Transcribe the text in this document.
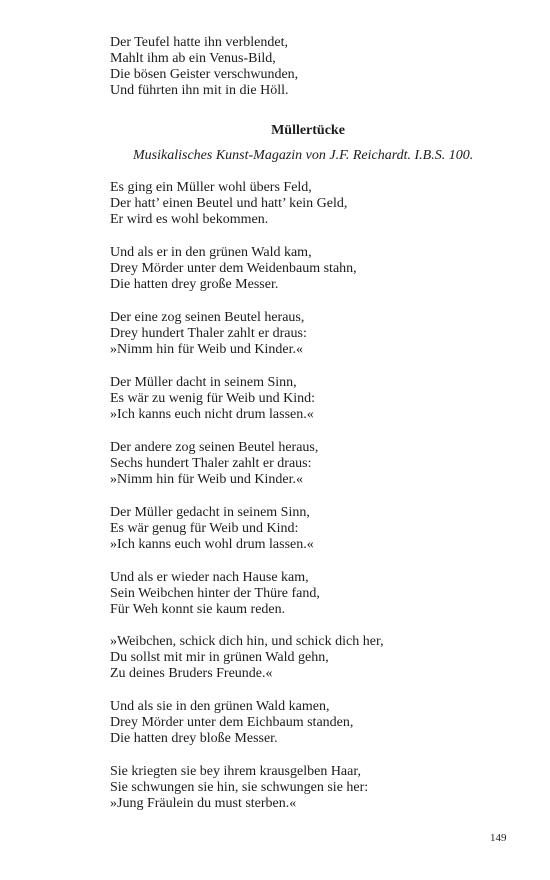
Der Teufel hatte ihn verblendet,
Mahlt ihm ab ein Venus-Bild,
Die bösen Geister verschwunden,
Und führten ihn mit in die Höll.
Müllertücke
Musikalisches Kunst-Magazin von J.F. Reichardt. I.B.S. 100.
Es ging ein Müller wohl übers Feld,
Der hatt’ einen Beutel und hatt’ kein Geld,
Er wird es wohl bekommen.
Und als er in den grünen Wald kam,
Drey Mörder unter dem Weidenbaum stahn,
Die hatten drey große Messer.
Der eine zog seinen Beutel heraus,
Drey hundert Thaler zahlt er draus:
»Nimm hin für Weib und Kinder.«
Der Müller dacht in seinem Sinn,
Es wär zu wenig für Weib und Kind:
»Ich kanns euch nicht drum lassen.«
Der andere zog seinen Beutel heraus,
Sechs hundert Thaler zahlt er draus:
»Nimm hin für Weib und Kinder.«
Der Müller gedacht in seinem Sinn,
Es wär genug für Weib und Kind:
»Ich kanns euch wohl drum lassen.«
Und als er wieder nach Hause kam,
Sein Weibchen hinter der Thüre fand,
Für Weh konnt sie kaum reden.
»Weibchen, schick dich hin, und schick dich her,
Du sollst mit mir in grünen Wald gehn,
Zu deines Bruders Freunde.«
Und als sie in den grünen Wald kamen,
Drey Mörder unter dem Eichbaum standen,
Die hatten drey bloße Messer.
Sie kriegten sie bey ihrem krausgelben Haar,
Sie schwungen sie hin, sie schwungen sie her:
»Jung Fräulein du must sterben.«
149
